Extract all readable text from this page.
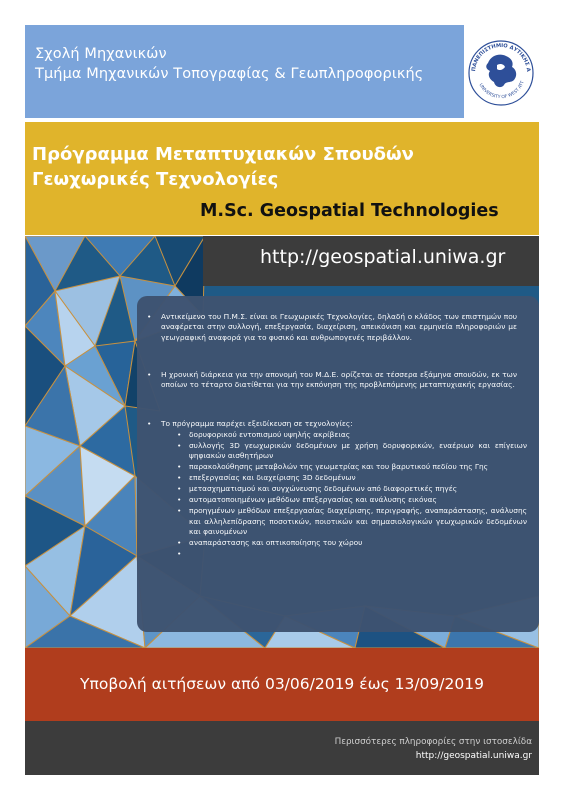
Σχολή Μηχανικών
Τμήμα Μηχανικών Τοπογραφίας & Γεωπληροφορικής	ΠΑΝΕΠΙΣΤΗΜΙΟ ΔΥΤΙΚΗΣ Α
UNIVERSITY OF WEST ATT
Πρόγραμμα Μεταπτυχιακών Σπουδών
Γεωχωρικές Τεχνολογίες
M.Sc. Geospatial Technologies
http://geospatial.uniwa.gr
•	Αντικείμενο του Π.Μ.Σ. είναι οι Γεωχωρικές Τεχνολογίες, δηλαδή ο κλάδος των επιστημών που αναφέρεται στην συλλογή, επεξεργασία, διαχείριση, απεικόνιση και ερμηνεία πληροφοριών με γεωγραφική αναφορά για το φυσικό και ανθρωπογενές περιβάλλον.
•	Η χρονική διάρκεια για την απονομή του Μ.Δ.Ε. ορίζεται σε τέσσερα εξάμηνα σπουδών, εκ των οποίων το τέταρτο διατίθεται για την εκπόνηση της προβλεπόμενης μεταπτυχιακής εργασίας.
•	Το πρόγραμμα παρέχει εξειδίκευση σε τεχνολογίες:
• δορυφορικού εντοπισμού υψηλής ακρίβειας
• συλλογής 3D γεωχωρικών δεδομένων με χρήση δορυφορικών, εναέριων και επίγειων ψηφιακών αισθητήρων
• παρακολούθησης μεταβολών της γεωμετρίας και του βαρυτικού πεδίου της Γης
• επεξεργασίας και διαχείρισης 3D δεδομένων
• μετασχηματισμού και συγχώνευσης δεδομένων από διαφορετικές πηγές
• αυτοματοποιημένων μεθόδων επεξεργασίας και ανάλυσης εικόνας
• προηγμένων μεθόδων επεξεργασίας διαχείρισης, περιγραφής, αναπαράστασης, ανάλυσης και αλληλεπίδρασης ποσοτικών, ποιοτικών και σημασιολογικών γεωχωρικών δεδομένων και φαινομένων
• αναπαράστασης και οπτικοποίησης του χώρου
•
Υποβολή αιτήσεων από 03/06/2019 έως 13/09/2019
Περισσότερες πληροφορίες στην ιστοσελίδα
http://geospatial.uniwa.gr
